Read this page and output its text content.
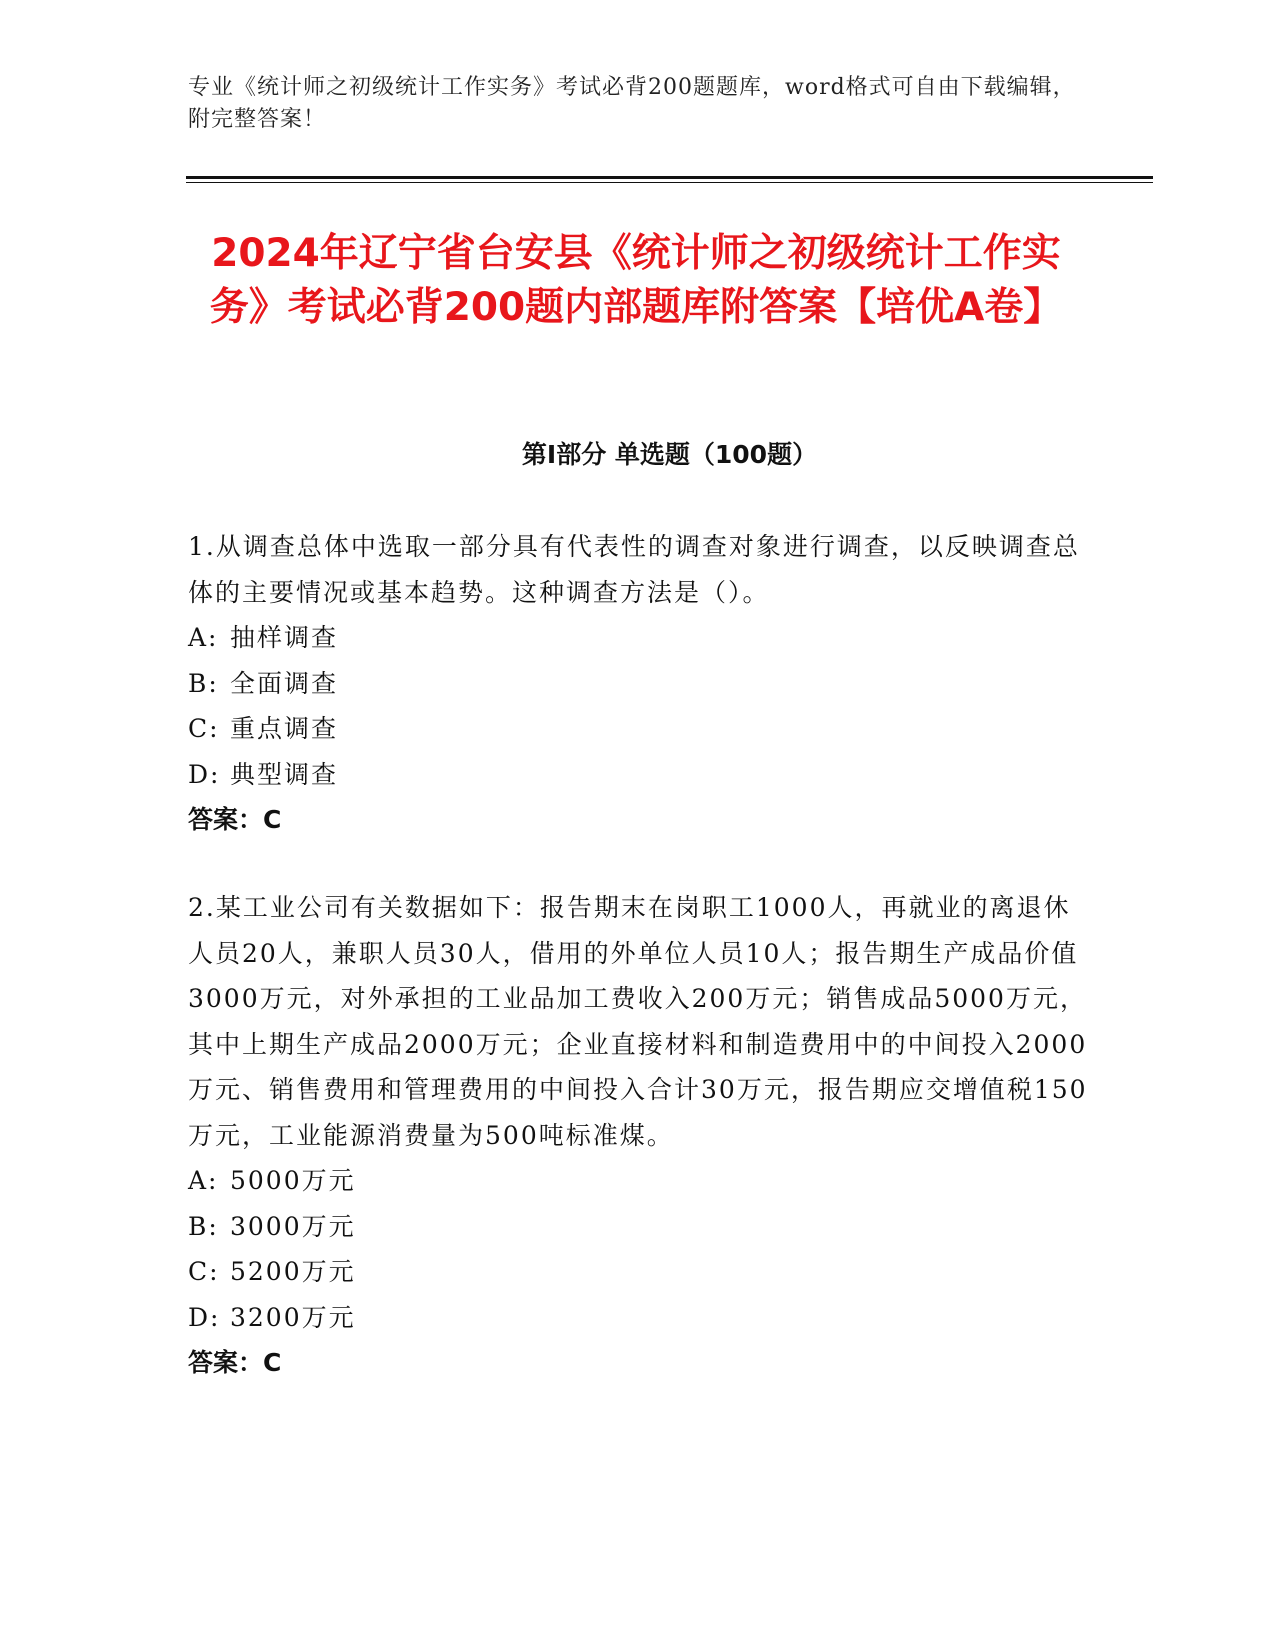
专业《统计师之初级统计工作实务》考试必背200题题库，word格式可自由下载编辑，附完整答案！
2024年辽宁省台安县《统计师之初级统计工作实务》考试必背200题内部题库附答案【培优A卷】
第I部分 单选题（100题）

1.从调查总体中选取一部分具有代表性的调查对象进行调查，以反映调查总体的主要情况或基本趋势。这种调查方法是（）。

A: 抽样调查

B: 全面调查

C: 重点调查

D: 典型调查

答案：C

2.某工业公司有关数据如下：报告期末在岗职工1000人，再就业的离退休人员20人，兼职人员30人，借用的外单位人员10人；报告期生产成品价值3000万元，对外承担的工业品加工费收入200万元；销售成品5000万元，其中上期生产成品2000万元；企业直接材料和制造费用中的中间投入2000万元、销售费用和管理费用的中间投入合计30万元，报告期应交增值税150万元，工业能源消费量为500吨标准煤。

A: 5000万元

B: 3000万元

C: 5200万元

D: 3200万元

答案：C
